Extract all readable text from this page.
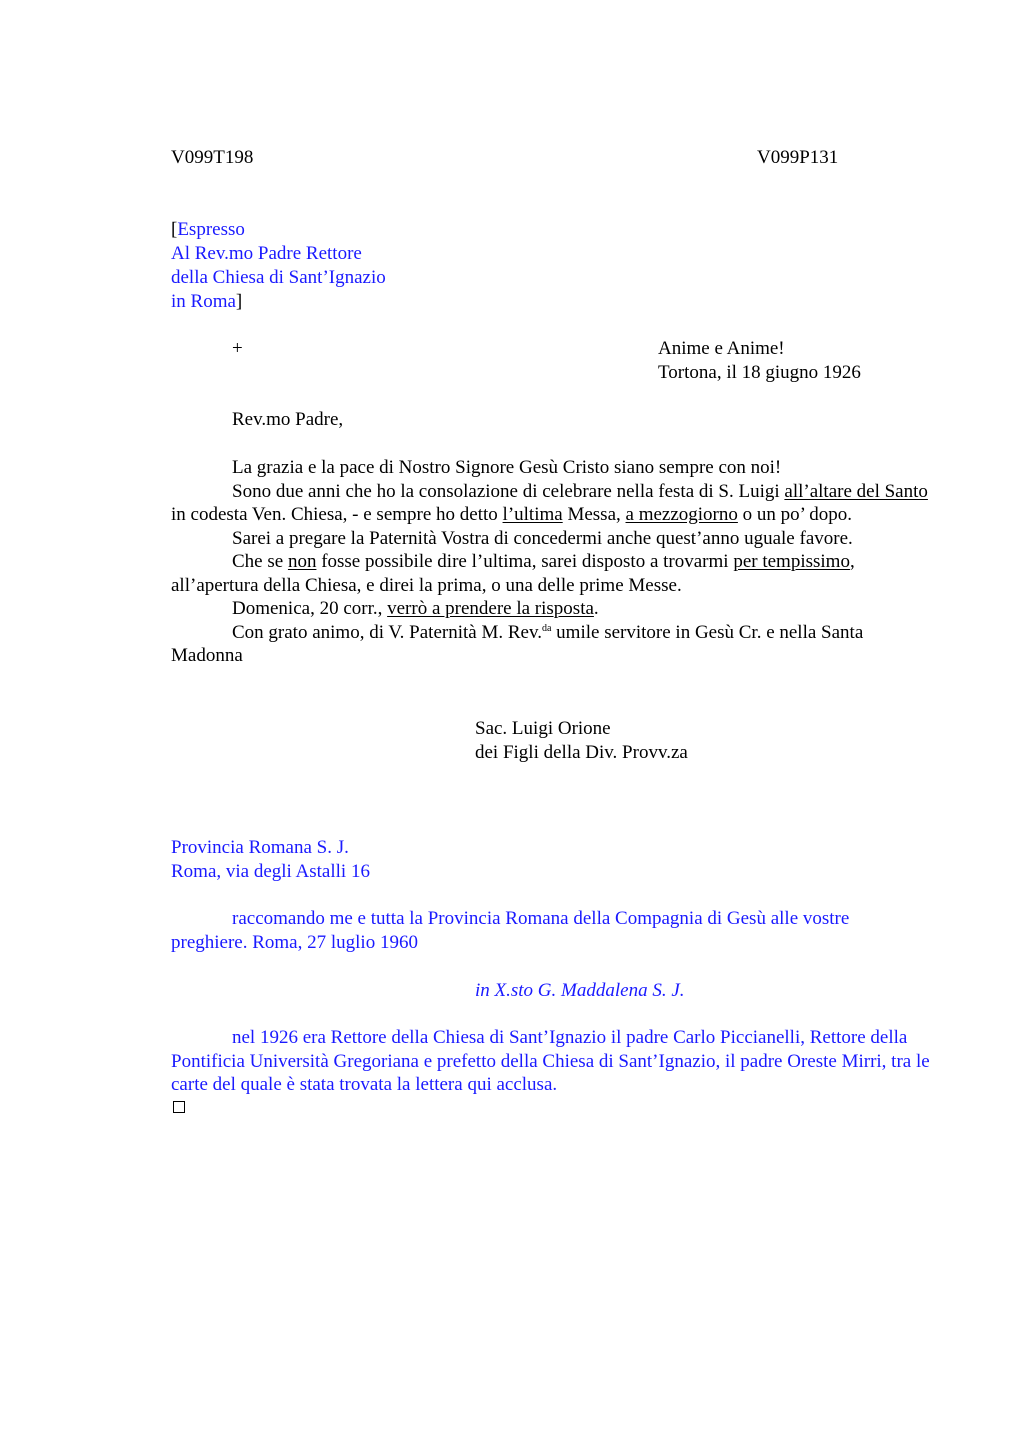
V099T198	V099P131
[Espresso
Al Rev.mo Padre Rettore
della Chiesa di Sant’Ignazio
in Roma]
+	Anime e Anime!
Tortona, il 18 giugno 1926
Rev.mo Padre,

La grazia e la pace di Nostro Signore Gesù Cristo siano sempre con noi!

Sono due anni che ho la consolazione di celebrare nella festa di S. Luigi all’altare del Santo in codesta Ven. Chiesa, - e sempre ho detto l’ultima Messa, a mezzogiorno o un po’ dopo.

Sarei a pregare la Paternità Vostra di concedermi anche quest’anno uguale favore.

Che se non fosse possibile dire l’ultima, sarei disposto a trovarmi per tempissimo, all’apertura della Chiesa, e direi la prima, o una delle prime Messe.

Domenica, 20 corr., verrò a prendere la risposta.

Con grato animo, di V. Paternità M. Rev.$^{da}$ umile servitore in Gesù Cr. e nella Santa Madonna

Sac. Luigi Orione
dei Figli della Div. Provv.za
Provincia Romana S. J.
Roma, via degli Astalli 16

raccomando me e tutta la Provincia Romana della Compagnia di Gesù alle vostre preghiere. Roma, 27 luglio 1960

in X.sto G. Maddalena S. J.

nel 1926 era Rettore della Chiesa di Sant’Ignazio il padre Carlo Piccianelli, Rettore della Pontificia Università Gregoriana e prefetto della Chiesa di Sant’Ignazio, il padre Oreste Mirri, tra le carte del quale è stata trovata la lettera qui acclusa.
